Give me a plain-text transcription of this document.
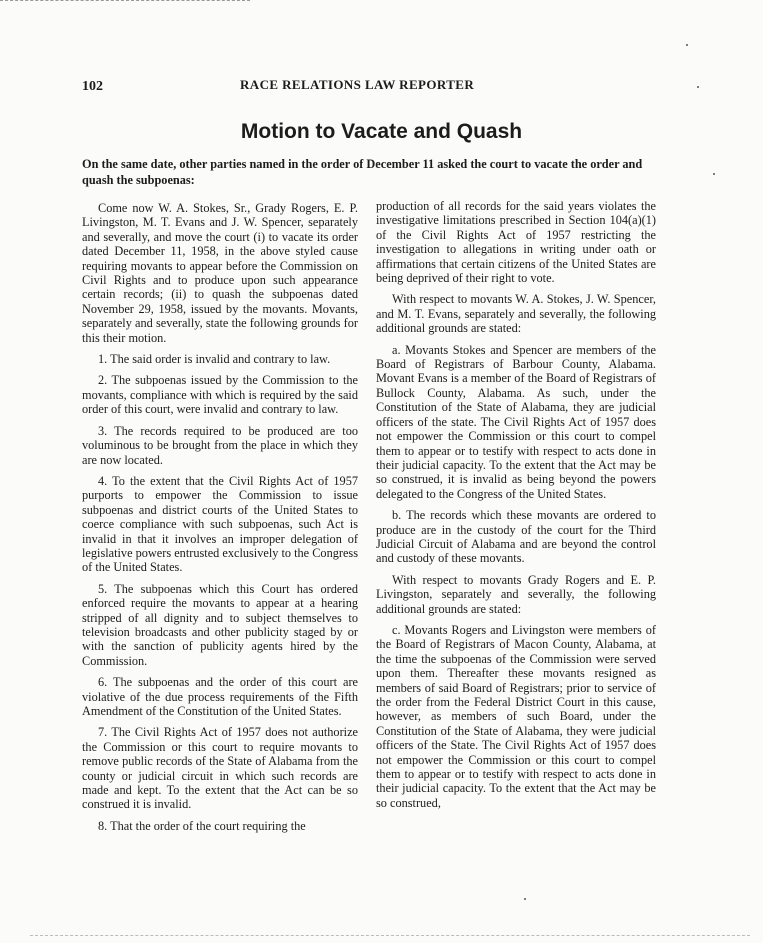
102	RACE RELATIONS LAW REPORTER
Motion to Vacate and Quash
On the same date, other parties named in the order of December 11 asked the court to vacate the order and quash the subpoenas:

Come now W. A. Stokes, Sr., Grady Rogers, E. P. Livingston, M. T. Evans and J. W. Spencer, separately and severally, and move the court (i) to vacate its order dated December 11, 1958, in the above styled cause requiring movants to appear before the Commission on Civil Rights and to produce upon such appearance certain records; (ii) to quash the subpoenas dated November 29, 1958, issued by the movants. Movants, separately and severally, state the following grounds for this their motion.

1. The said order is invalid and contrary to law.

2. The subpoenas issued by the Commission to the movants, compliance with which is required by the said order of this court, were invalid and contrary to law.

3. The records required to be produced are too voluminous to be brought from the place in which they are now located.

4. To the extent that the Civil Rights Act of 1957 purports to empower the Commission to issue subpoenas and district courts of the United States to coerce compliance with such subpoenas, such Act is invalid in that it involves an improper delegation of legislative powers entrusted exclusively to the Congress of the United States.

5. The subpoenas which this Court has ordered enforced require the movants to appear at a hearing stripped of all dignity and to subject themselves to television broadcasts and other publicity staged by or with the sanction of publicity agents hired by the Commission.

6. The subpoenas and the order of this court are violative of the due process requirements of the Fifth Amendment of the Constitution of the United States.

7. The Civil Rights Act of 1957 does not authorize the Commission or this court to require movants to remove public records of the State of Alabama from the county or judicial circuit in which such records are made and kept. To the extent that the Act can be so construed it is invalid.

8. That the order of the court requiring the

production of all records for the said years violates the investigative limitations prescribed in Section 104(a)(1) of the Civil Rights Act of 1957 restricting the investigation to allegations in writing under oath or affirmations that certain citizens of the United States are being deprived of their right to vote.

With respect to movants W. A. Stokes, J. W. Spencer, and M. T. Evans, separately and severally, the following additional grounds are stated:

a. Movants Stokes and Spencer are members of the Board of Registrars of Barbour County, Alabama. Movant Evans is a member of the Board of Registrars of Bullock County, Alabama. As such, under the Constitution of the State of Alabama, they are judicial officers of the state. The Civil Rights Act of 1957 does not empower the Commission or this court to compel them to appear or to testify with respect to acts done in their judicial capacity. To the extent that the Act may be so construed, it is invalid as being beyond the powers delegated to the Congress of the United States.

b. The records which these movants are ordered to produce are in the custody of the court for the Third Judicial Circuit of Alabama and are beyond the control and custody of these movants.

With respect to movants Grady Rogers and E. P. Livingston, separately and severally, the following additional grounds are stated:

c. Movants Rogers and Livingston were members of the Board of Registrars of Macon County, Alabama, at the time the subpoenas of the Commission were served upon them. Thereafter these movants resigned as members of said Board of Registrars; prior to service of the order from the Federal District Court in this cause, however, as members of such Board, under the Constitution of the State of Alabama, they were judicial officers of the State. The Civil Rights Act of 1957 does not empower the Commission or this court to compel them to appear or to testify with respect to acts done in their judicial capacity. To the extent that the Act may be so construed,
